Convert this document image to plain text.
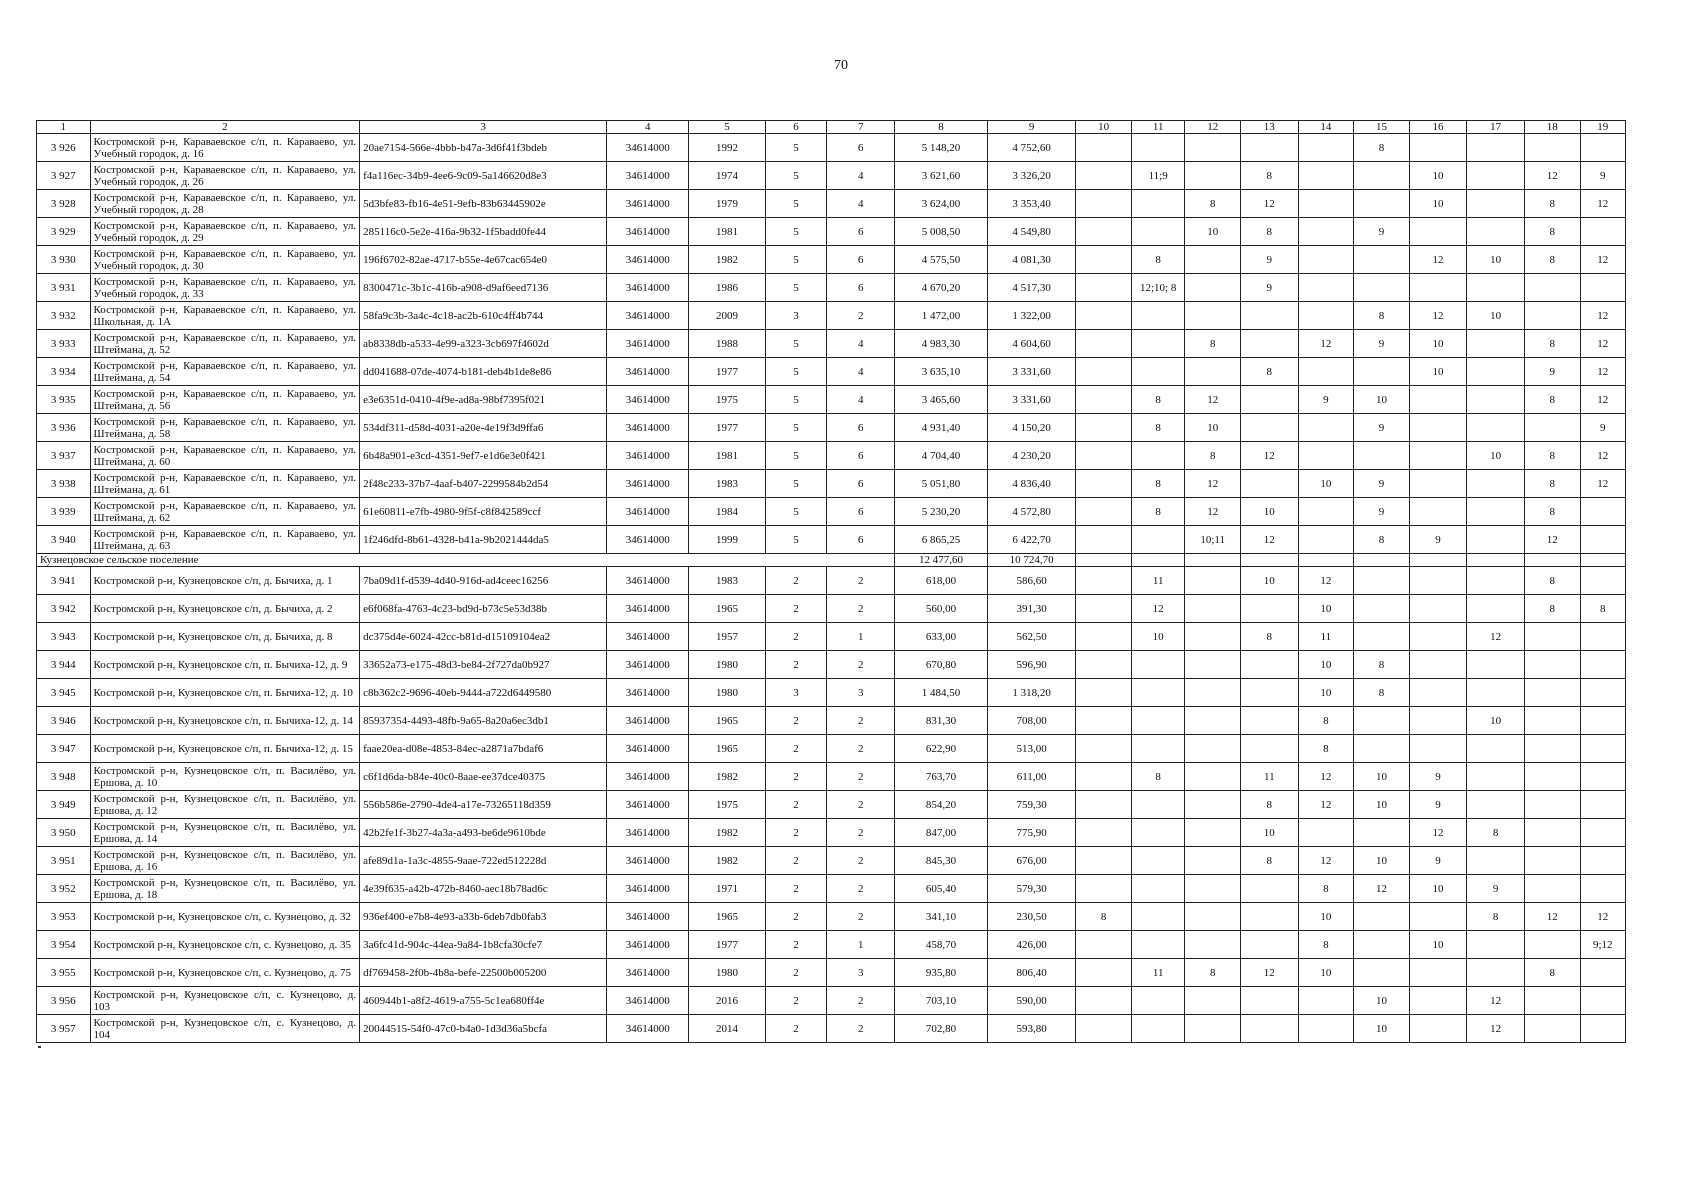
70
1	2	3	4	5	6	7	8	9	10	11	12	13	14	15	16	17	18	19
3 926	Костромской р-н, Караваевское с/п, п. Караваево, ул. Учебный городок, д. 16	20ae7154-566e-4bbb-b47a-3d6f41f3bdeb	34614000	1992	5	6	5 148,20	4 752,60						8				
3 927	Костромской р-н, Караваевское с/п, п. Караваево, ул. Учебный городок, д. 26	f4a116ec-34b9-4ee6-9c09-5a146620d8e3	34614000	1974	5	4	3 621,60	3 326,20		11;9		8			10		12	9
3 928	Костромской р-н, Караваевское с/п, п. Караваево, ул. Учебный городок, д. 28	5d3bfe83-fb16-4e51-9efb-83b63445902e	34614000	1979	5	4	3 624,00	3 353,40			8	12			10		8	12
3 929	Костромской р-н, Караваевское с/п, п. Караваево, ул. Учебный городок, д. 29	285116c0-5e2e-416a-9b32-1f5badd0fe44	34614000	1981	5	6	5 008,50	4 549,80			10	8		9			8	
3 930	Костромской р-н, Караваевское с/п, п. Караваево, ул. Учебный городок, д. 30	196f6702-82ae-4717-b55e-4e67cac654e0	34614000	1982	5	6	4 575,50	4 081,30		8		9			12	10	8	12
3 931	Костромской р-н, Караваевское с/п, п. Караваево, ул. Учебный городок, д. 33	8300471c-3b1c-416b-a908-d9af6eed7136	34614000	1986	5	6	4 670,20	4 517,30		12;10; 8		9						
3 932	Костромской р-н, Караваевское с/п, п. Караваево, ул. Школьная, д. 1А	58fa9c3b-3a4c-4c18-ac2b-610c4ff4b744	34614000	2009	3	2	1 472,00	1 322,00						8	12	10		12
3 933	Костромской р-н, Караваевское с/п, п. Караваево, ул. Штеймана, д. 52	ab8338db-a533-4e99-a323-3cb697f4602d	34614000	1988	5	4	4 983,30	4 604,60			8		12	9	10		8	12
3 934	Костромской р-н, Караваевское с/п, п. Караваево, ул. Штеймана, д. 54	dd041688-07de-4074-b181-deb4b1de8e86	34614000	1977	5	4	3 635,10	3 331,60				8			10		9	12
3 935	Костромской р-н, Караваевское с/п, п. Караваево, ул. Штеймана, д. 56	e3e6351d-0410-4f9e-ad8a-98bf7395f021	34614000	1975	5	4	3 465,60	3 331,60		8	12		9	10			8	12
3 936	Костромской р-н, Караваевское с/п, п. Караваево, ул. Штеймана, д. 58	534df311-d58d-4031-a20e-4e19f3d9ffa6	34614000	1977	5	6	4 931,40	4 150,20		8	10			9				9
3 937	Костромской р-н, Караваевское с/п, п. Караваево, ул. Штеймана, д. 60	6b48a901-e3cd-4351-9ef7-e1d6e3e0f421	34614000	1981	5	6	4 704,40	4 230,20			8	12				10	8	12
3 938	Костромской р-н, Караваевское с/п, п. Караваево, ул. Штеймана, д. 61	2f48c233-37b7-4aaf-b407-2299584b2d54	34614000	1983	5	6	5 051,80	4 836,40		8	12		10	9			8	12
3 939	Костромской р-н, Караваевское с/п, п. Караваево, ул. Штеймана, д. 62	61e60811-e7fb-4980-9f5f-c8f842589ccf	34614000	1984	5	6	5 230,20	4 572,80		8	12	10		9			8	
3 940	Костромской р-н, Караваевское с/п, п. Караваево, ул. Штеймана, д. 63	1f246dfd-8b61-4328-b41a-9b2021444da5	34614000	1999	5	6	6 865,25	6 422,70			10;11	12		8	9		12	
Кузнецовское сельское поселение							12 477,60	10 724,70										
3 941	Костромской р-н, Кузнецовское с/п, д. Бычиха, д. 1	7ba09d1f-d539-4d40-916d-ad4ceec16256	34614000	1983	2	2	618,00	586,60		11		10	12				8	
3 942	Костромской р-н, Кузнецовское с/п, д. Бычиха, д. 2	e6f068fa-4763-4c23-bd9d-b73c5e53d38b	34614000	1965	2	2	560,00	391,30		12			10				8	8
3 943	Костромской р-н, Кузнецовское с/п, д. Бычиха, д. 8	dc375d4e-6024-42cc-b81d-d15109104ea2	34614000	1957	2	1	633,00	562,50		10		8	11			12		
3 944	Костромской р-н, Кузнецовское с/п, п. Бычиха-12, д. 9	33652a73-e175-48d3-be84-2f727da0b927	34614000	1980	2	2	670,80	596,90					10	8				
3 945	Костромской р-н, Кузнецовское с/п, п. Бычиха-12, д. 10	c8b362c2-9696-40eb-9444-a722d6449580	34614000	1980	3	3	1 484,50	1 318,20					10	8				
3 946	Костромской р-н, Кузнецовское с/п, п. Бычиха-12, д. 14	85937354-4493-48fb-9a65-8a20a6ec3db1	34614000	1965	2	2	831,30	708,00					8			10		
3 947	Костромской р-н, Кузнецовское с/п, п. Бычиха-12, д. 15	faae20ea-d08e-4853-84ec-a2871a7bdaf6	34614000	1965	2	2	622,90	513,00					8					
3 948	Костромской р-н, Кузнецовское с/п, п. Василёво, ул. Ершова, д. 10	c6f1d6da-b84e-40c0-8aae-ee37dce40375	34614000	1982	2	2	763,70	611,00		8		11	12	10	9			
3 949	Костромской р-н, Кузнецовское с/п, п. Василёво, ул. Ершова, д. 12	556b586e-2790-4de4-a17e-73265118d359	34614000	1975	2	2	854,20	759,30				8	12	10	9			
3 950	Костромской р-н, Кузнецовское с/п, п. Василёво, ул. Ершова, д. 14	42b2fe1f-3b27-4a3a-a493-be6de9610bde	34614000	1982	2	2	847,00	775,90				10			12	8		
3 951	Костромской р-н, Кузнецовское с/п, п. Василёво, ул. Ершова, д. 16	afe89d1a-1a3c-4855-9aae-722ed512228d	34614000	1982	2	2	845,30	676,00				8	12	10	9			
3 952	Костромской р-н, Кузнецовское с/п, п. Василёво, ул. Ершова, д. 18	4e39f635-a42b-472b-8460-aec18b78ad6c	34614000	1971	2	2	605,40	579,30					8	12	10	9		
3 953	Костромской р-н, Кузнецовское с/п, с. Кузнецово, д. 32	936ef400-e7b8-4e93-a33b-6deb7db0fab3	34614000	1965	2	2	341,10	230,50	8				10			8	12	12
3 954	Костромской р-н, Кузнецовское с/п, с. Кузнецово, д. 35	3a6fc41d-904c-44ea-9a84-1b8cfa30cfe7	34614000	1977	2	1	458,70	426,00					8		10			9;12
3 955	Костромской р-н, Кузнецовское с/п, с. Кузнецово, д. 75	df769458-2f0b-4b8a-befe-22500b005200	34614000	1980	2	3	935,80	806,40		11	8	12	10				8	
3 956	Костромской р-н, Кузнецовское с/п, с. Кузнецово, д. 103	460944b1-a8f2-4619-a755-5c1ea680ff4e	34614000	2016	2	2	703,10	590,00						10		12		
3 957	Костромской р-н, Кузнецовское с/п, с. Кузнецово, д. 104	20044515-54f0-47c0-b4a0-1d3d36a5bcfa	34614000	2014	2	2	702,80	593,80						10		12		
